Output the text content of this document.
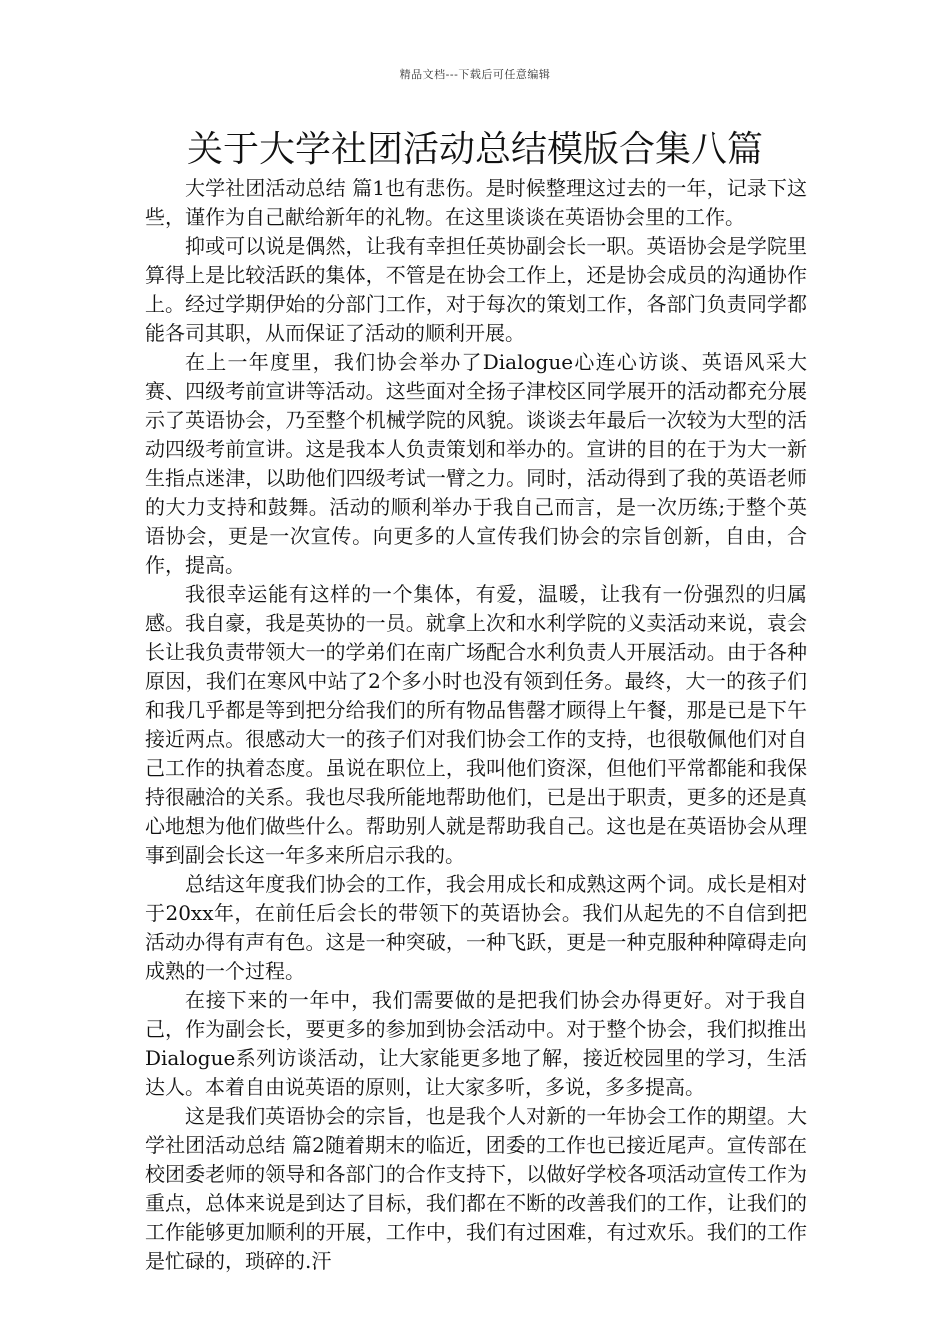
精品文档---下载后可任意编辑
关于大学社团活动总结模版合集八篇

大学社团活动总结 篇1也有悲伤。是时候整理这过去的一年，记录下这些，谨作为自己献给新年的礼物。在这里谈谈在英语协会里的工作。

抑或可以说是偶然，让我有幸担任英协副会长一职。英语协会是学院里算得上是比较活跃的集体，不管是在协会工作上，还是协会成员的沟通协作上。经过学期伊始的分部门工作，对于每次的策划工作，各部门负责同学都能各司其职，从而保证了活动的顺利开展。

在上一年度里，我们协会举办了Dialogue心连心访谈、英语风采大赛、四级考前宣讲等活动。这些面对全扬子津校区同学展开的活动都充分展示了英语协会，乃至整个机械学院的风貌。谈谈去年最后一次较为大型的活动四级考前宣讲。这是我本人负责策划和举办的。宣讲的目的在于为大一新生指点迷津，以助他们四级考试一臂之力。同时，活动得到了我的英语老师的大力支持和鼓舞。活动的顺利举办于我自己而言，是一次历练;于整个英语协会，更是一次宣传。向更多的人宣传我们协会的宗旨创新，自由，合作，提高。

我很幸运能有这样的一个集体，有爱，温暖，让我有一份强烈的归属感。我自豪，我是英协的一员。就拿上次和水利学院的义卖活动来说，袁会长让我负责带领大一的学弟们在南广场配合水利负责人开展活动。由于各种原因，我们在寒风中站了2个多小时也没有领到任务。最终，大一的孩子们和我几乎都是等到把分给我们的所有物品售罄才顾得上午餐，那是已是下午接近两点。很感动大一的孩子们对我们协会工作的支持，也很敬佩他们对自己工作的执着态度。虽说在职位上，我叫他们资深，但他们平常都能和我保持很融洽的关系。我也尽我所能地帮助他们，已是出于职责，更多的还是真心地想为他们做些什么。帮助别人就是帮助我自己。这也是在英语协会从理事到副会长这一年多来所启示我的。

总结这年度我们协会的工作，我会用成长和成熟这两个词。成长是相对于20xx年，在前任后会长的带领下的英语协会。我们从起先的不自信到把活动办得有声有色。这是一种突破，一种飞跃，更是一种克服种种障碍走向成熟的一个过程。

在接下来的一年中，我们需要做的是把我们协会办得更好。对于我自己，作为副会长，要更多的参加到协会活动中。对于整个协会，我们拟推出Dialogue系列访谈活动，让大家能更多地了解，接近校园里的学习，生活达人。本着自由说英语的原则，让大家多听，多说，多多提高。

这是我们英语协会的宗旨，也是我个人对新的一年协会工作的期望。大学社团活动总结 篇2随着期末的临近，团委的工作也已接近尾声。宣传部在校团委老师的领导和各部门的合作支持下，以做好学校各项活动宣传工作为重点，总体来说是到达了目标，我们都在不断的改善我们的工作，让我们的工作能够更加顺利的开展，工作中，我们有过困难，有过欢乐。我们的工作是忙碌的，琐碎的.汗
